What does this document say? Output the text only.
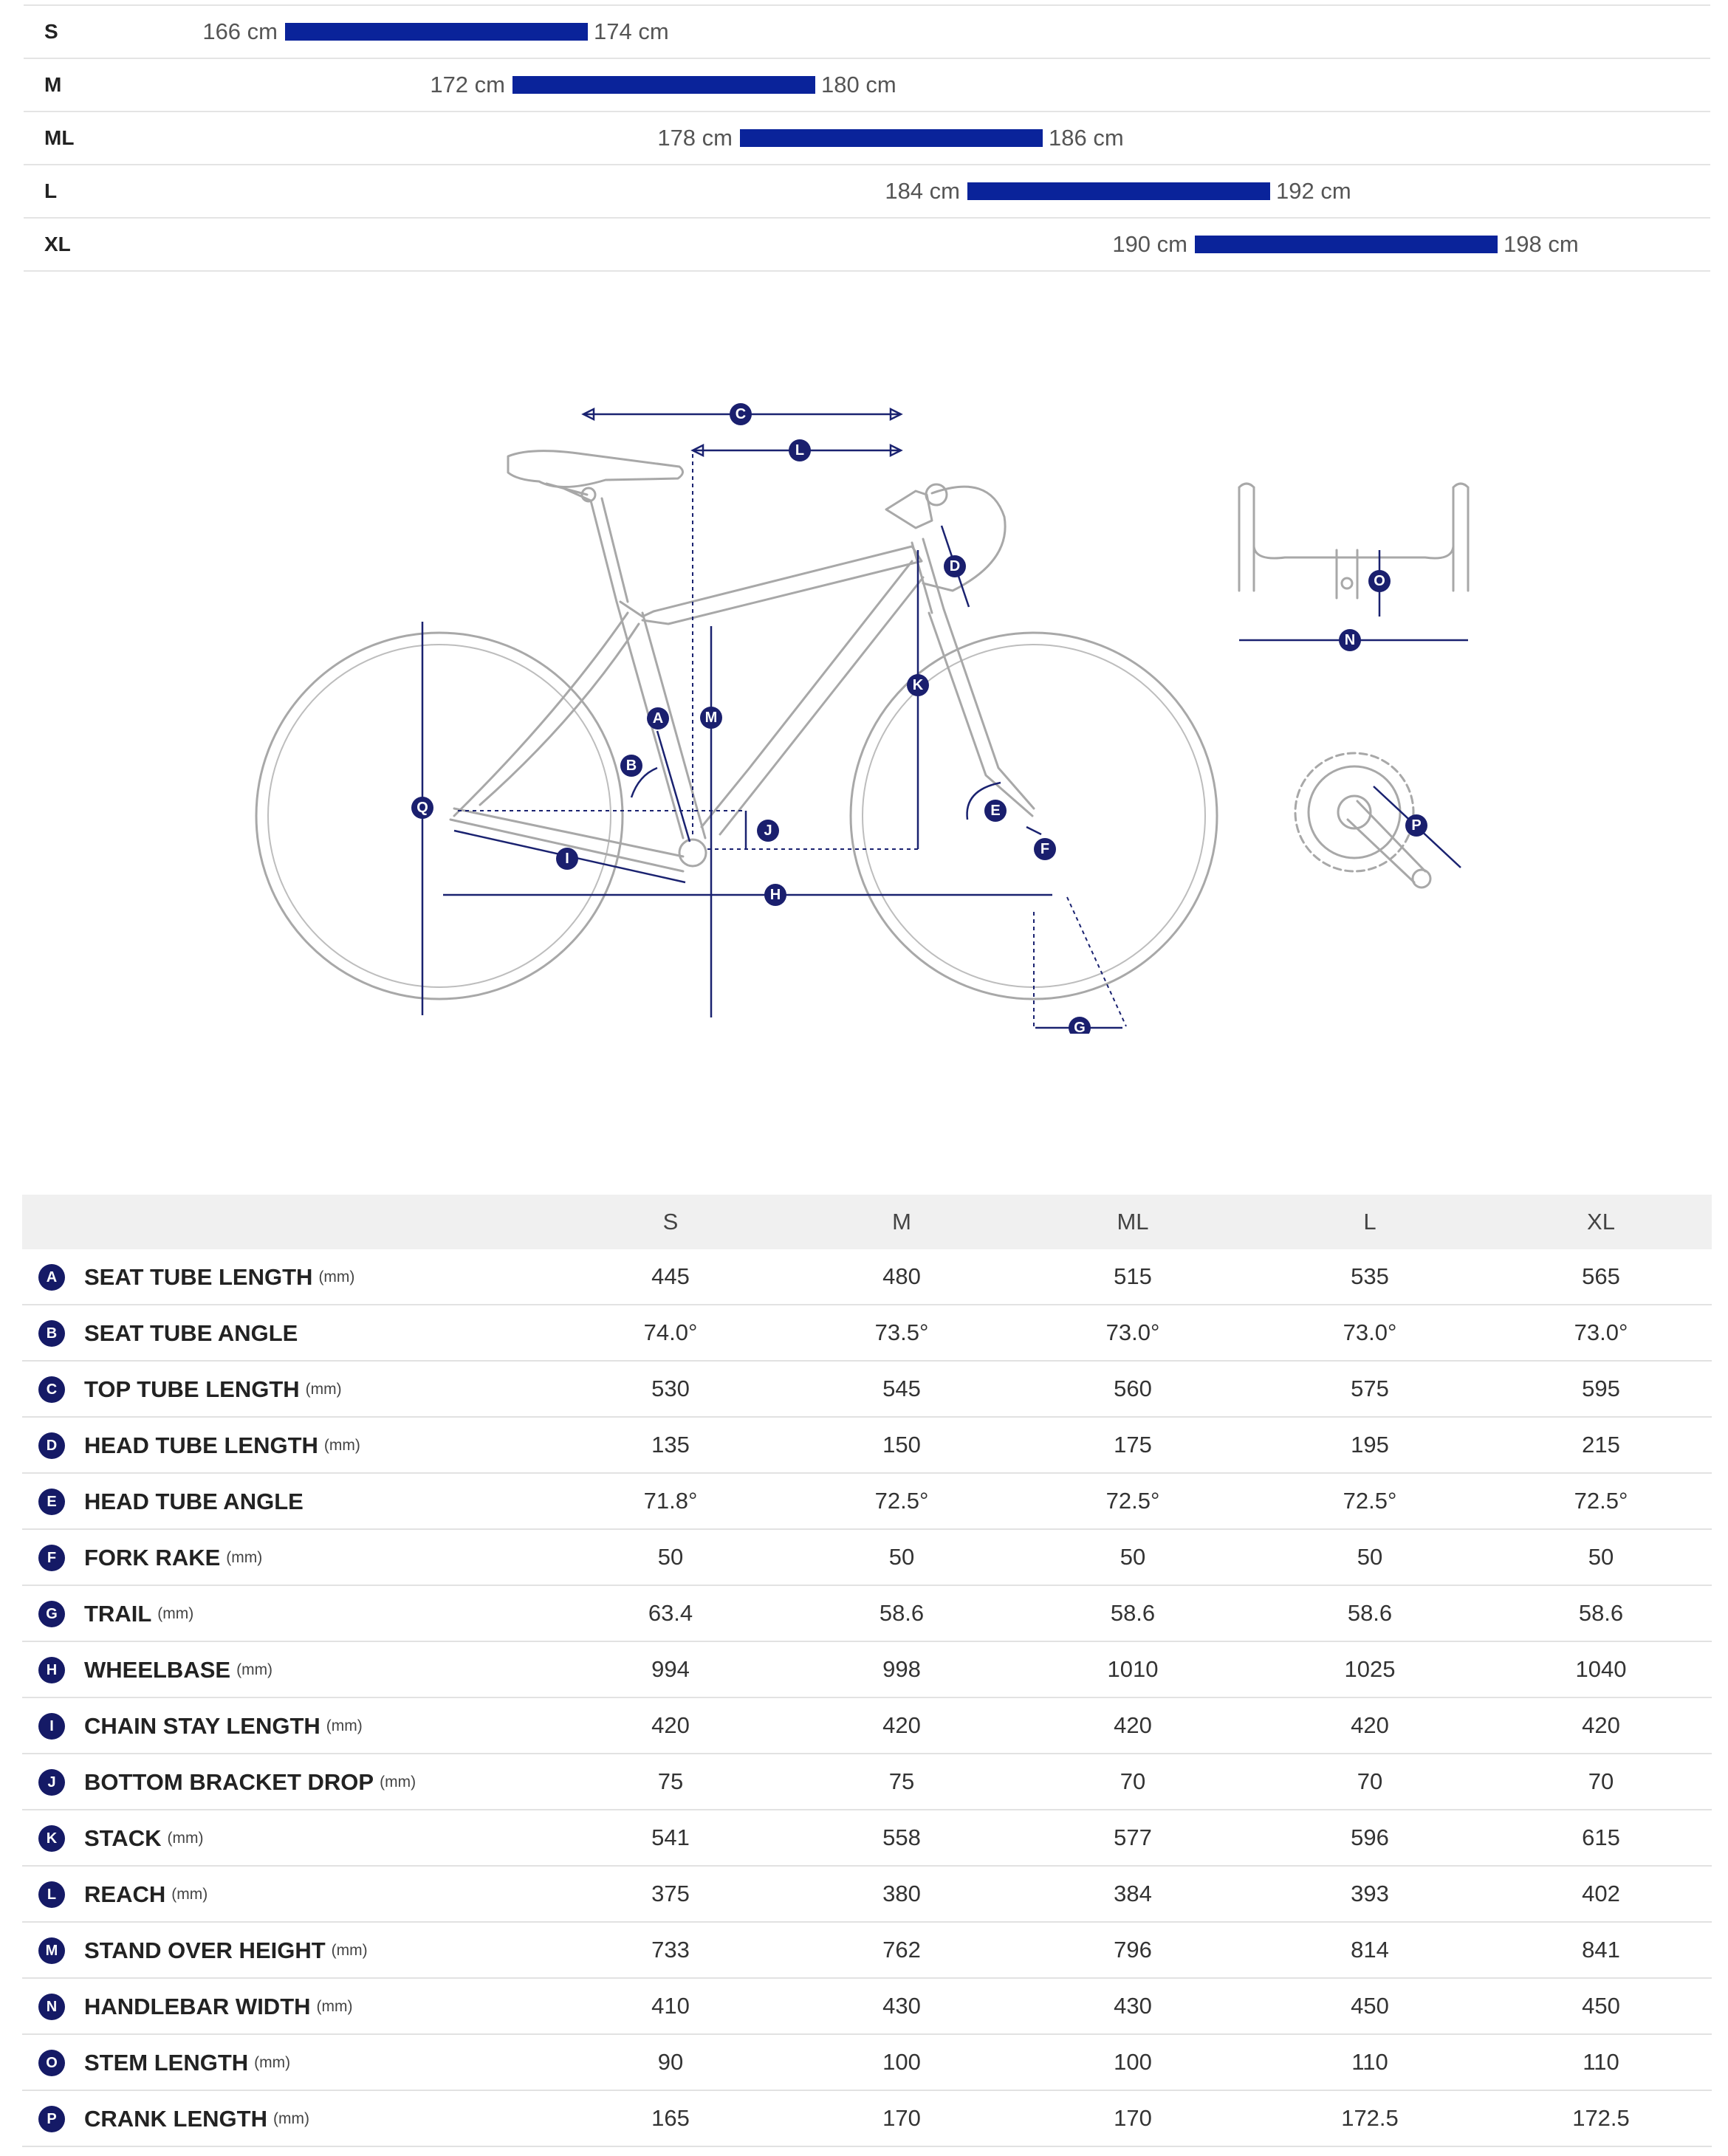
S	166 cm	174 cm
M	172 cm	180 cm
ML	178 cm	186 cm
L	184 cm	192 cm
XL	190 cm	198 cm
C
L
D
K
A	M
B
Q	E
J
F
I
H
G
O
N
P
	S	M	ML	L	XL
A SEAT TUBE LENGTH (mm)	445	480	515	535	565
B SEAT TUBE ANGLE	74.0°	73.5°	73.0°	73.0°	73.0°
C TOP TUBE LENGTH (mm)	530	545	560	575	595
D HEAD TUBE LENGTH (mm)	135	150	175	195	215
E HEAD TUBE ANGLE	71.8°	72.5°	72.5°	72.5°	72.5°
F FORK RAKE (mm)	50	50	50	50	50
G TRAIL (mm)	63.4	58.6	58.6	58.6	58.6
H WHEELBASE (mm)	994	998	1010	1025	1040
I CHAIN STAY LENGTH (mm)	420	420	420	420	420
J BOTTOM BRACKET DROP (mm)	75	75	70	70	70
K STACK (mm)	541	558	577	596	615
L REACH (mm)	375	380	384	393	402
M STAND OVER HEIGHT (mm)	733	762	796	814	841
N HANDLEBAR WIDTH (mm)	410	430	430	450	450
O STEM LENGTH (mm)	90	100	100	110	110
P CRANK LENGTH (mm)	165	170	170	172.5	172.5
